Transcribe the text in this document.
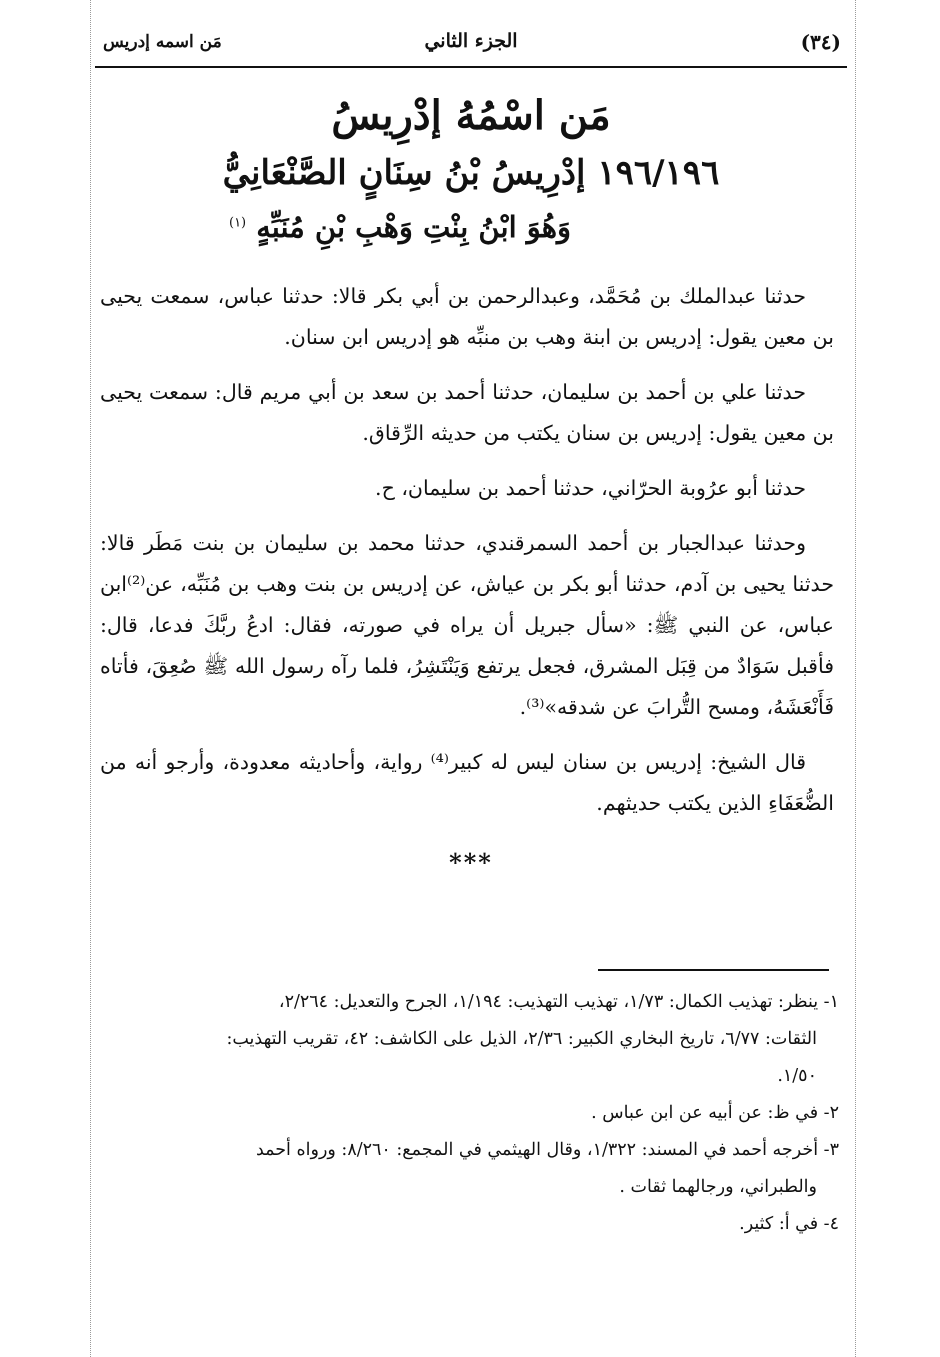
مَن اسمه إدريس	الجزء الثاني	(٣٤)
مَن اسْمُهُ إدْرِيسُ
١٩٦/١٩٦ إدْرِيسُ بْنُ سِنَانٍ الصَّنْعَانِيُّ
وَهُوَ ابْنُ بِنْتِ وَهْبِ بْنِ مُنَبِّهٍ $^{(١)}$

حدثنا عبدالملك بن مُحَمَّد، وعبدالرحمن بن أبي بكر قالا: حدثنا عباس، سمعت يحيى بن معين يقول: إدريس بن ابنة وهب بن منبِّه هو إدريس ابن سنان.

حدثنا علي بن أحمد بن سليمان، حدثنا أحمد بن سعد بن أبي مريم قال: سمعت يحيى بن معين يقول: إدريس بن سنان يكتب من حديثه الرِّقاق.

حدثنا أبو عرُوبة الحرّاني، حدثنا أحمد بن سليمان، ح.

وحدثنا عبدالجبار بن أحمد السمرقندي، حدثنا محمد بن سليمان بن بنت مَطَر قالا: حدثنا يحيى بن آدم، حدثنا أبو بكر بن عياش، عن إدريس بن بنت وهب بن مُنَبِّه، عن⁽²⁾ابن عباس، عن النبي ﷺ: «سأل جبريل أن يراه في صورته، فقال: ادعُ ربَّكَ فدعا، قال: فأقبل سَوَادٌ من قِبَل المشرق، فجعل يرتفع وَيَنْتَشِرُ، فلما رآه رسول الله ﷺ صُعِقَ، فأتاه فَأَنْعَشَهُ، ومسح التُّرابَ عن شدقه»⁽³⁾.

قال الشيخ: إدريس بن سنان ليس له كبير⁽⁴⁾ رواية، وأحاديثه معدودة، وأرجو أنه من الضُّعَفَاءِ الذين يكتب حديثهم.

***
١- ينظر: تهذيب الكمال: ١/٧٣، تهذيب التهذيب: ١/١٩٤، الجرح والتعديل: ٢/٢٦٤،
الثقات: ٦/٧٧، تاريخ البخاري الكبير: ٢/٣٦، الذيل على الكاشف: ٤٢، تقريب التهذيب:
١/٥٠.
٢- في ظ: عن أبيه عن ابن عباس .
٣- أخرجه أحمد في المسند: ١/٣٢٢، وقال الهيثمي في المجمع: ٨/٢٦٠: ورواه أحمد
والطبراني، ورجالهما ثقات .
٤- في أ: كثير.
